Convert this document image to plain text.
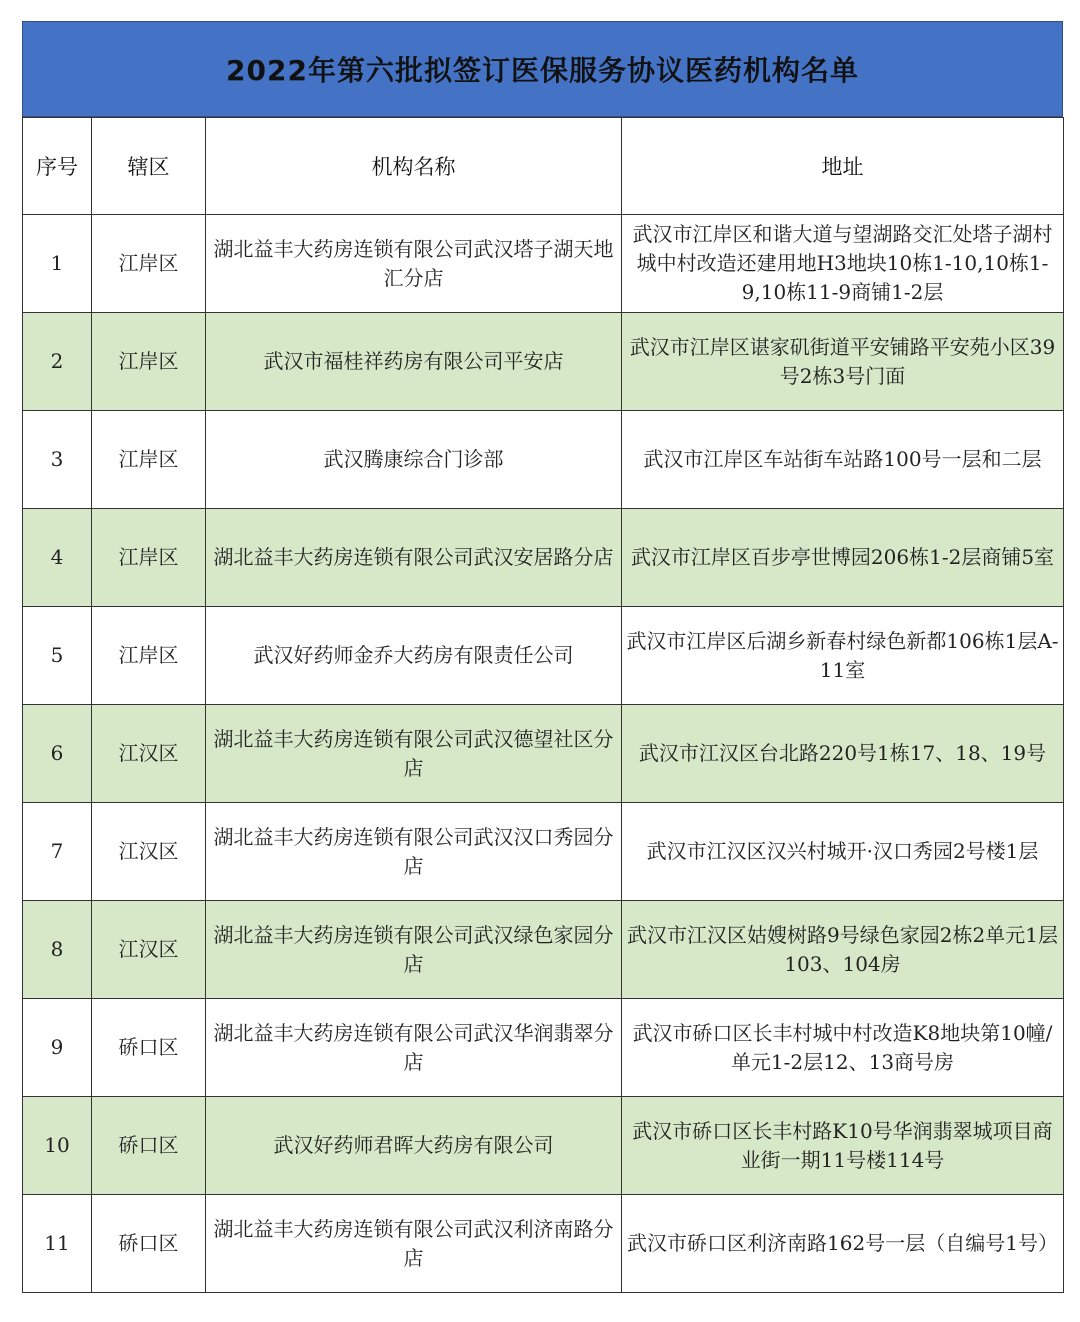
2022年第六批拟签订医保服务协议医药机构名单
序号	辖区	机构名称	地址
1	江岸区	湖北益丰大药房连锁有限公司武汉塔子湖天地汇分店	武汉市江岸区和谐大道与望湖路交汇处塔子湖村城中村改造还建用地H3地块10栋1-10,10栋1-9,10栋11-9商铺1-2层
2	江岸区	武汉市福桂祥药房有限公司平安店	武汉市江岸区谌家矶街道平安铺路平安苑小区39号2栋3号门面
3	江岸区	武汉腾康综合门诊部	武汉市江岸区车站街车站路100号一层和二层
4	江岸区	湖北益丰大药房连锁有限公司武汉安居路分店	武汉市江岸区百步亭世博园206栋1-2层商铺5室
5	江岸区	武汉好药师金乔大药房有限责任公司	武汉市江岸区后湖乡新春村绿色新都106栋1层A-11室
6	江汉区	湖北益丰大药房连锁有限公司武汉德望社区分店	武汉市江汉区台北路220号1栋17、18、19号
7	江汉区	湖北益丰大药房连锁有限公司武汉汉口秀园分店	武汉市江汉区汉兴村城开·汉口秀园2号楼1层
8	江汉区	湖北益丰大药房连锁有限公司武汉绿色家园分店	武汉市江汉区姑嫂树路9号绿色家园2栋2单元1层103、104房
9	硚口区	湖北益丰大药房连锁有限公司武汉华润翡翠分店	武汉市硚口区长丰村城中村改造K8地块第10幢/单元1-2层12、13商号房
10	硚口区	武汉好药师君晖大药房有限公司	武汉市硚口区长丰村路K10号华润翡翠城项目商业街一期11号楼114号
11	硚口区	湖北益丰大药房连锁有限公司武汉利济南路分店	武汉市硚口区利济南路162号一层（自编号1号）
